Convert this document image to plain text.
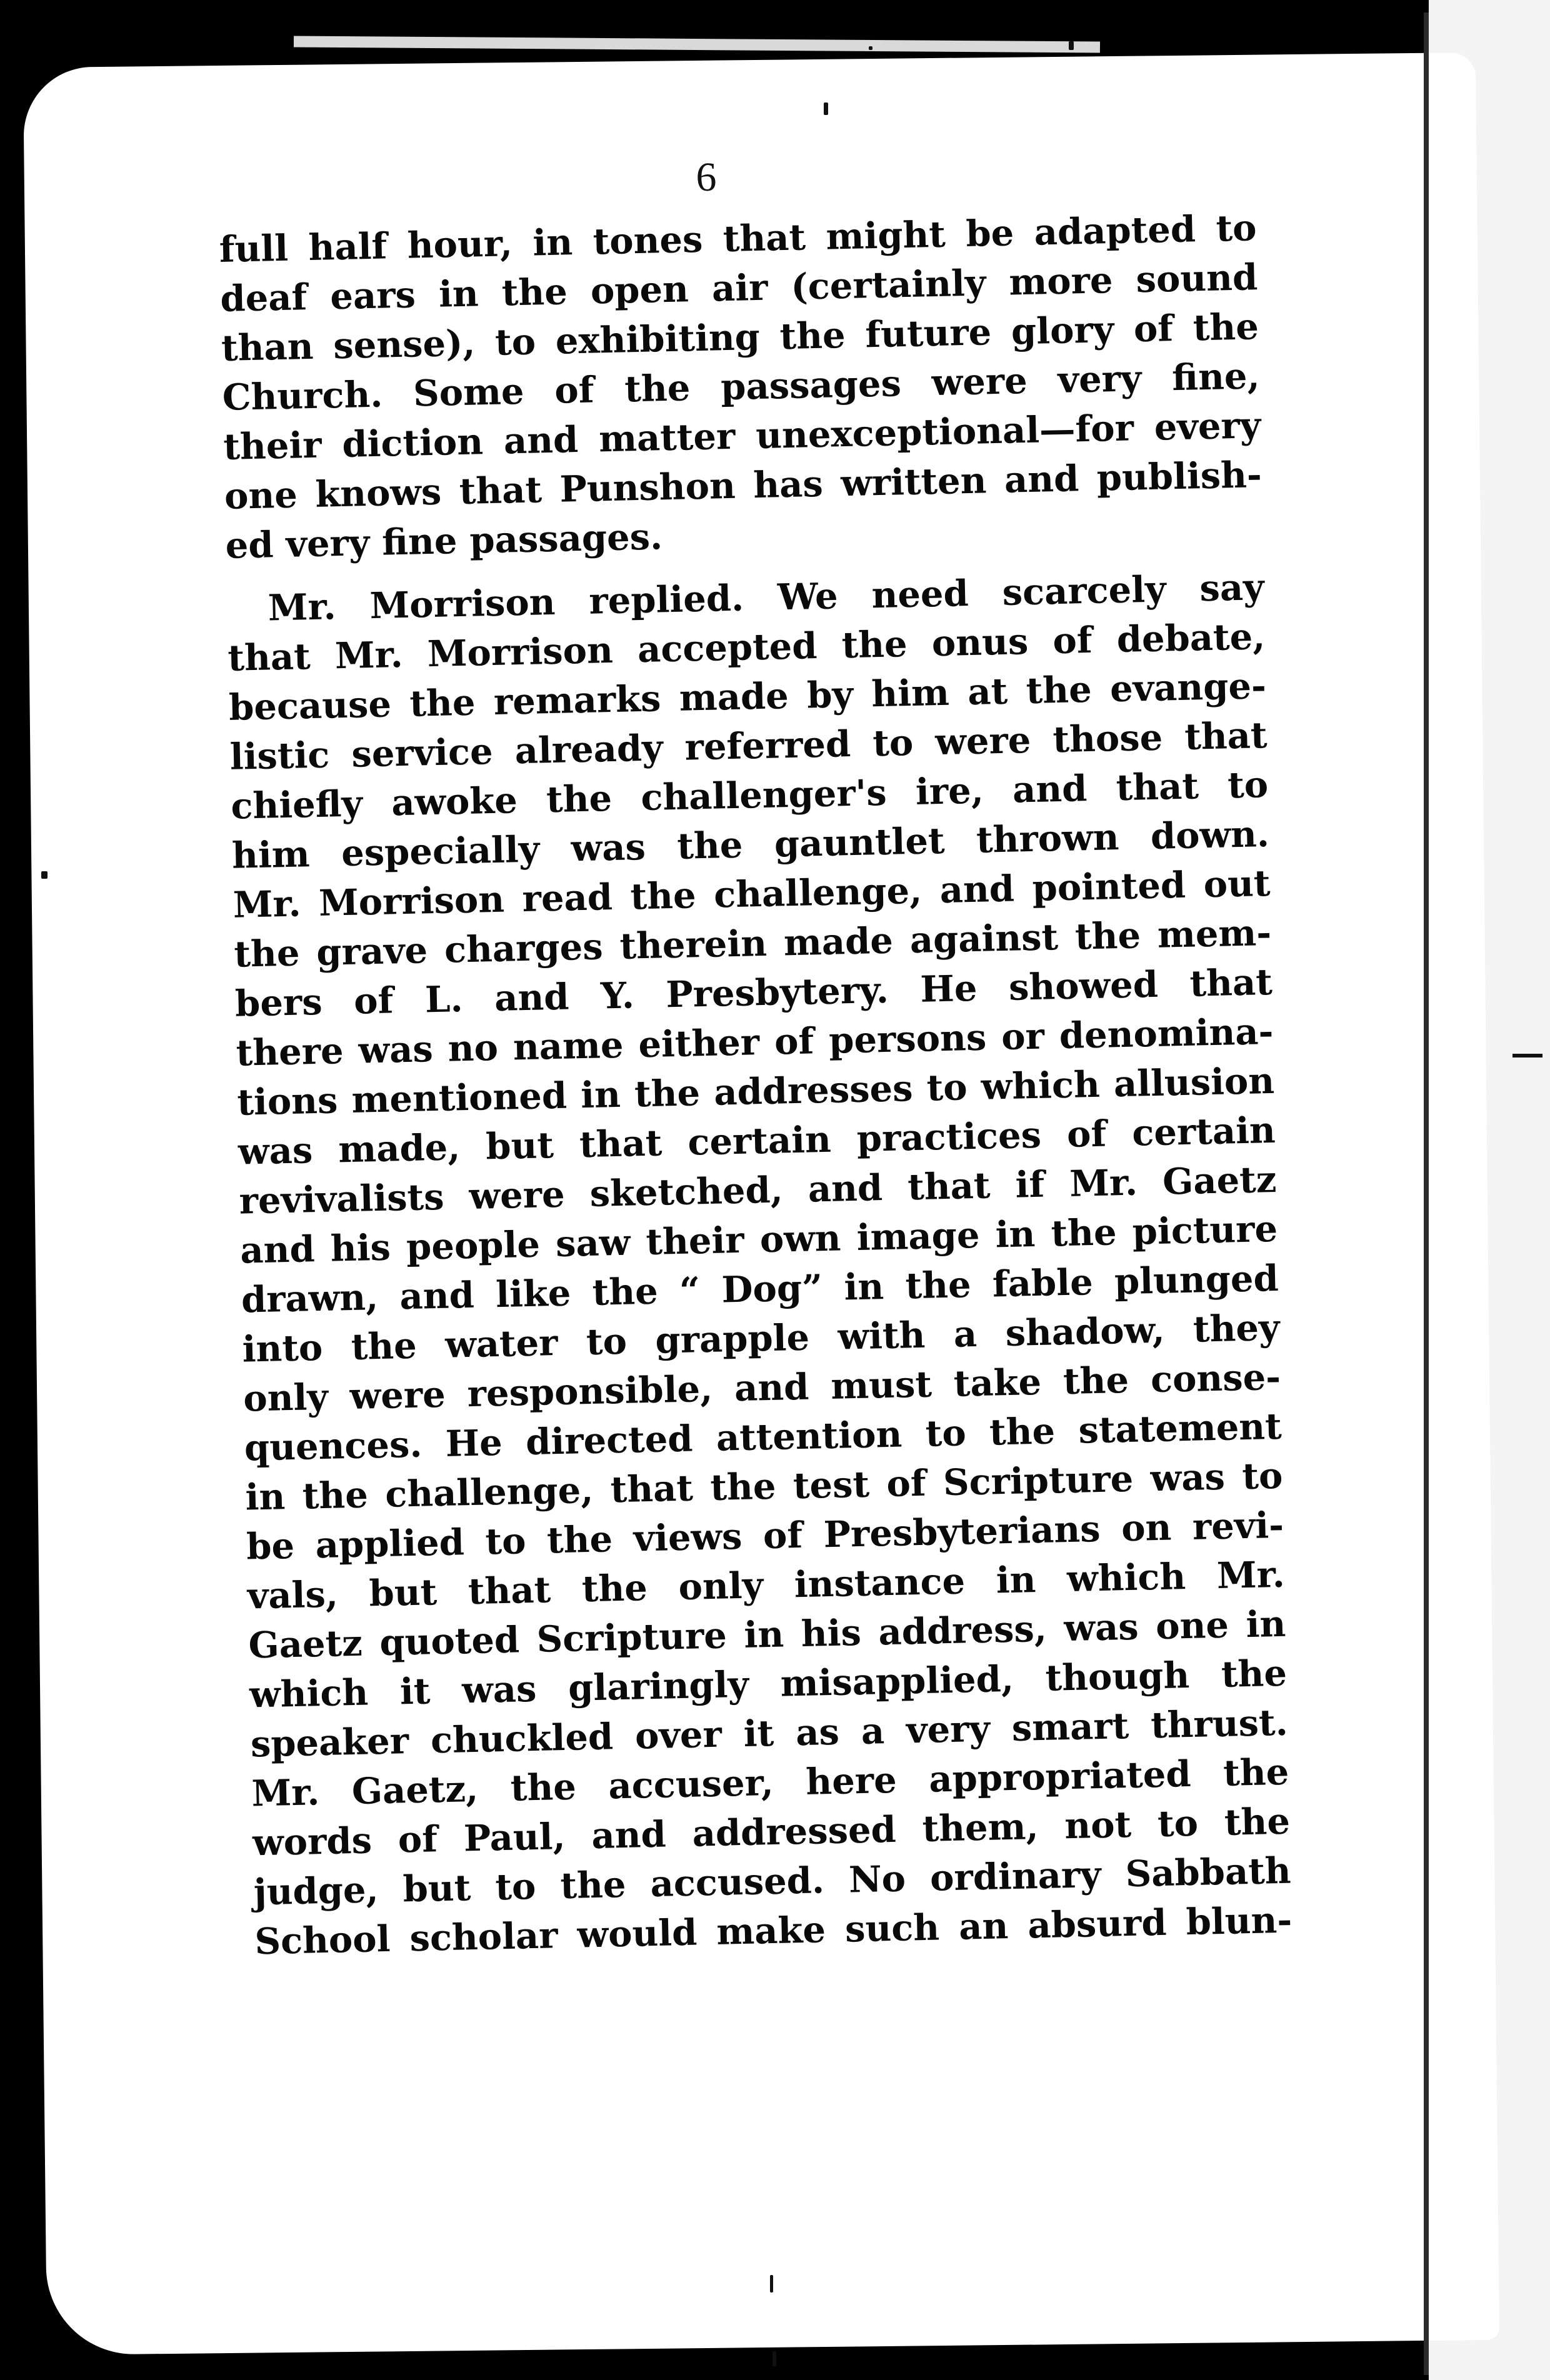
6

full half hour, in tones that might be adapted to
deaf ears in the open air (certainly more sound
than sense), to exhibiting the future glory of the
Church. Some of the passages were very fine,
their diction and matter unexceptional—for every
one knows that Punshon has written and publish-
ed very fine passages.

Mr. Morrison replied. We need scarcely say
that Mr. Morrison accepted the onus of debate,
because the remarks made by him at the evange-
listic service already referred to were those that
chiefly awoke the challenger's ire, and that to
him especially was the gauntlet thrown down.
Mr. Morrison read the challenge, and pointed out
the grave charges therein made against the mem-
bers of L. and Y. Presbytery. He showed that
there was no name either of persons or denomina-
tions mentioned in the addresses to which allusion
was made, but that certain practices of certain
revivalists were sketched, and that if Mr. Gaetz
and his people saw their own image in the picture
drawn, and like the “ Dog” in the fable plunged
into the water to grapple with a shadow, they
only were responsible, and must take the conse-
quences. He directed attention to the statement
in the challenge, that the test of Scripture was to
be applied to the views of Presbyterians on revi-
vals, but that the only instance in which Mr.
Gaetz quoted Scripture in his address, was one in
which it was glaringly misapplied, though the
speaker chuckled over it as a very smart thrust.
Mr. Gaetz, the accuser, here appropriated the
words of Paul, and addressed them, not to the
judge, but to the accused. No ordinary Sabbath
School scholar would make such an absurd blun-
